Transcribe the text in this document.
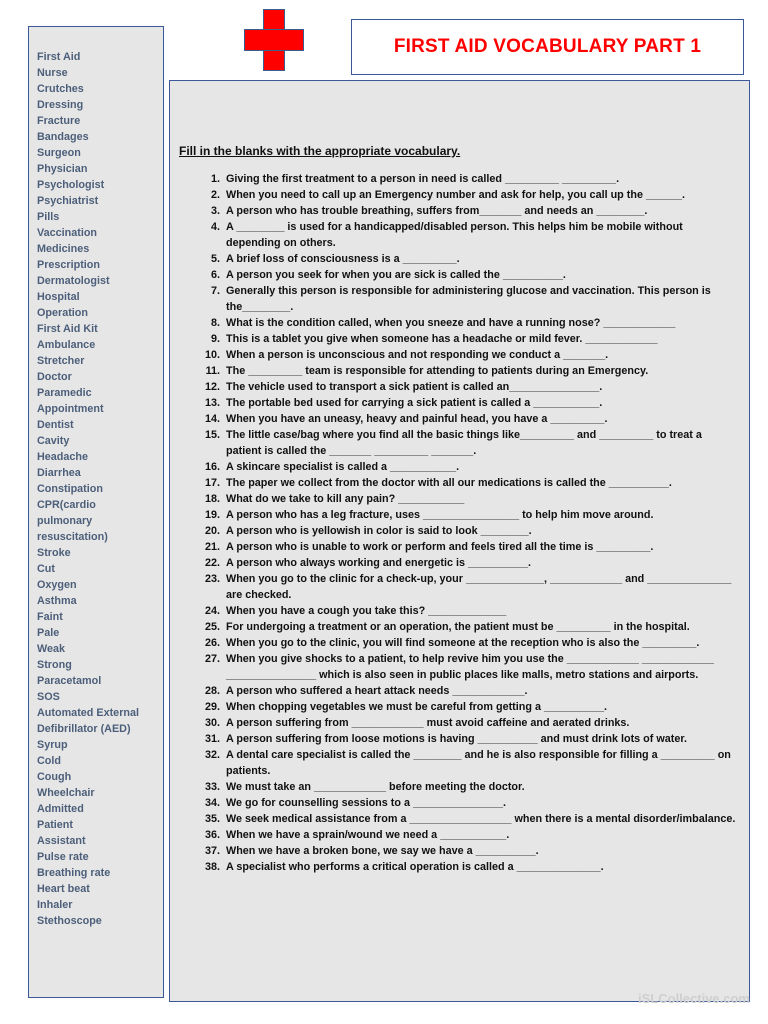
First Aid
Nurse
Crutches
Dressing
Fracture
Bandages
Surgeon
Physician
Psychologist
Psychiatrist
Pills
Vaccination
Medicines
Prescription
Dermatologist
Hospital
Operation
First Aid Kit
Ambulance
Stretcher
Doctor
Paramedic
Appointment
Dentist
Cavity
Headache
Diarrhea
Constipation
CPR(cardio
pulmonary
resuscitation)
Stroke
Cut
Oxygen
Asthma
Faint
Pale
Weak
Strong
Paracetamol
SOS
Automated External
Defibrillator (AED)
Syrup
Cold
Cough
Wheelchair
Admitted
Patient
Assistant
Pulse rate
Breathing rate
Heart beat
Inhaler
Stethoscope
FIRST AID VOCABULARY PART 1

Fill in the blanks with the appropriate vocabulary.

1. Giving the first treatment to a person in need is called _________ _________.
2. When you need to call up an Emergency number and ask for help, you call up the ______.
3. A person who has trouble breathing, suffers from_______ and needs an ________.
4. A ________ is used for a handicapped/disabled person. This helps him be mobile without depending on others.
5. A brief loss of consciousness is a _________.
6. A person you seek for when you are sick is called the __________.
7. Generally this person is responsible for administering glucose and vaccination. This person is the________.
8. What is the condition called, when you sneeze and have a running nose? ____________
9. This is a tablet you give when someone has a headache or mild fever. ____________
10. When a person is unconscious and not responding we conduct a _______.
11. The _________ team is responsible for attending to patients during an Emergency.
12. The vehicle used to transport a sick patient is called an_______________.
13. The portable bed used for carrying a sick patient is called a ___________.
14. When you have an uneasy, heavy and painful head, you have a _________.
15. The little case/bag where you find all the basic things like_________ and _________ to treat a patient is called the _______ _________ _______.
16. A skincare specialist is called a ___________.
17. The paper we collect from the doctor with all our medications is called the __________.
18. What do we take to kill any pain? ___________
19. A person who has a leg fracture, uses ________________ to help him move around.
20. A person who is yellowish in color is said to look ________.
21. A person who is unable to work or perform and feels tired all the time is _________.
22. A person who always working and energetic is __________.
23. When you go to the clinic for a check-up, your _____________, ____________ and ______________ are checked.
24. When you have a cough you take this? _____________
25. For undergoing a treatment or an operation, the patient must be _________ in the hospital.
26. When you go to the clinic, you will find someone at the reception who is also the _________.
27. When you give shocks to a patient, to help revive him you use the ____________ ____________ _______________ which is also seen in public places like malls, metro stations and airports.
28. A person who suffered a heart attack needs ____________.
29. When chopping vegetables we must be careful from getting a __________.
30. A person suffering from ____________ must avoid caffeine and aerated drinks.
31. A person suffering from loose motions is having __________ and must drink lots of water.
32. A dental care specialist is called the ________ and he is also responsible for filling a _________ on patients.
33. We must take an ____________ before meeting the doctor.
34. We go for counselling sessions to a _______________.
35. We seek medical assistance from a _________________ when there is a mental disorder/imbalance.
36. When we have a sprain/wound we need a ___________.
37. When we have a broken bone, we say we have a __________.
38. A specialist who performs a critical operation is called a ______________.
iSLCollective.com
